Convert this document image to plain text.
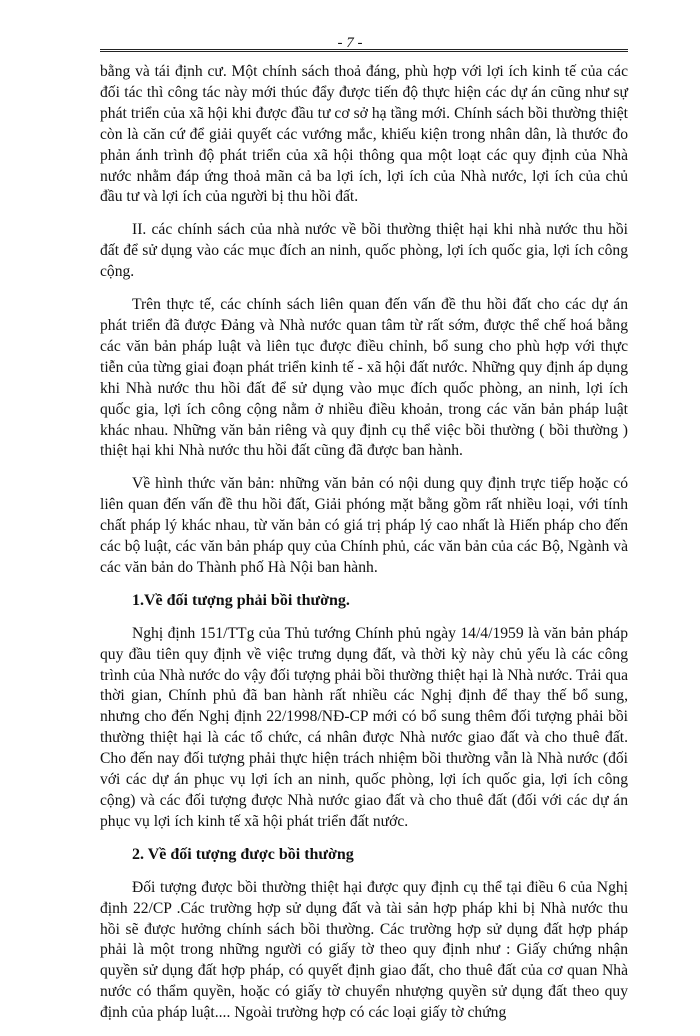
- 7 -

bằng và tái định cư. Một chính sách thoả đáng, phù hợp với lợi ích kinh tế của các đối tác thì công tác này mới thúc đẩy được tiến độ thực hiện các dự án cũng như sự phát triển của xã hội khi được đầu tư cơ sở hạ tầng mới. Chính sách bồi thường thiệt còn là căn cứ để giải quyết các vướng mắc, khiếu kiện trong nhân dân, là thước đo phản ánh trình độ phát triển của xã hội thông qua một loạt các quy định của Nhà nước nhằm đáp ứng thoả mãn cả ba lợi ích, lợi ích của Nhà nước, lợi ích của chủ đầu tư và lợi ích của người bị thu hồi đất.

II. các chính sách của nhà nước về bồi thường thiệt hại khi nhà nước thu hồi đất để sử dụng vào các mục đích an ninh, quốc phòng, lợi ích quốc gia, lợi ích công cộng.

Trên thực tế, các chính sách liên quan đến vấn đề thu hồi đất cho các dự án phát triển đã được Đảng và Nhà nước quan tâm từ rất sớm, được thể chế hoá bằng các văn bản pháp luật và liên tục được điều chỉnh, bổ sung cho phù hợp với thực tiễn của từng giai đoạn phát triển kinh tế - xã hội đất nước. Những quy định áp dụng khi Nhà nước thu hồi đất để sử dụng vào mục đích quốc phòng, an ninh, lợi ích quốc gia, lợi ích công cộng nằm ở nhiều điều khoản, trong các văn bản pháp luật khác nhau. Những văn bản riêng và quy định cụ thể việc bồi thường ( bồi thường ) thiệt hại khi Nhà nước thu hồi đất cũng đã được ban hành.

Về hình thức văn bản: những văn bản có nội dung quy định trực tiếp hoặc có liên quan đến vấn đề thu hồi đất, Giải phóng mặt bằng gồm rất nhiều loại, với tính chất pháp lý khác nhau, từ văn bản có giá trị pháp lý cao nhất là Hiến pháp cho đến các bộ luật, các văn bản pháp quy của Chính phủ, các văn bản của các Bộ, Ngành và các văn bản do Thành phố Hà Nội ban hành.

1.Về đối tượng phải bồi thường.

Nghị định 151/TTg của Thủ tướng Chính phủ ngày 14/4/1959 là văn bản pháp quy đầu tiên quy định về việc trưng dụng đất, và thời kỳ này chủ yếu là các công trình của Nhà nước do vậy đối tượng phải bồi thường thiệt hại là Nhà nước. Trải qua thời gian, Chính phủ đã ban hành rất nhiều các Nghị định để thay thế bổ sung, nhưng cho đến Nghị định 22/1998/NĐ-CP mới có bổ sung thêm đối tượng phải bồi thường thiệt hại là các tổ chức, cá nhân được Nhà nước giao đất và cho thuê đất. Cho đến nay đối tượng phải thực hiện trách nhiệm bồi thường vẫn là Nhà nước (đối với các dự án phục vụ lợi ích an ninh, quốc phòng, lợi ích quốc gia, lợi ích công cộng) và các đối tượng được Nhà nước giao đất và cho thuê đất (đối với các dự án phục vụ lợi ích kinh tế xã hội phát triển đất nước.

2. Về đối tượng được bồi thường

Đối tượng được bồi thường thiệt hại được quy định cụ thể tại điều 6 của Nghị định 22/CP .Các trường hợp sử dụng đất và tài sản hợp pháp khi bị Nhà nước thu hồi sẽ được hưởng chính sách bồi thường. Các trường hợp sử dụng đất hợp pháp phải là một trong những người có giấy tờ theo quy định như : Giấy chứng nhận quyền sử dụng đất hợp pháp, có quyết định giao đất, cho thuê đất của cơ quan Nhà nước có thẩm quyền, hoặc có giấy tờ chuyển nhượng quyền sử dụng đất theo quy định của pháp luật.... Ngoài trường hợp có các loại giấy tờ chứng
